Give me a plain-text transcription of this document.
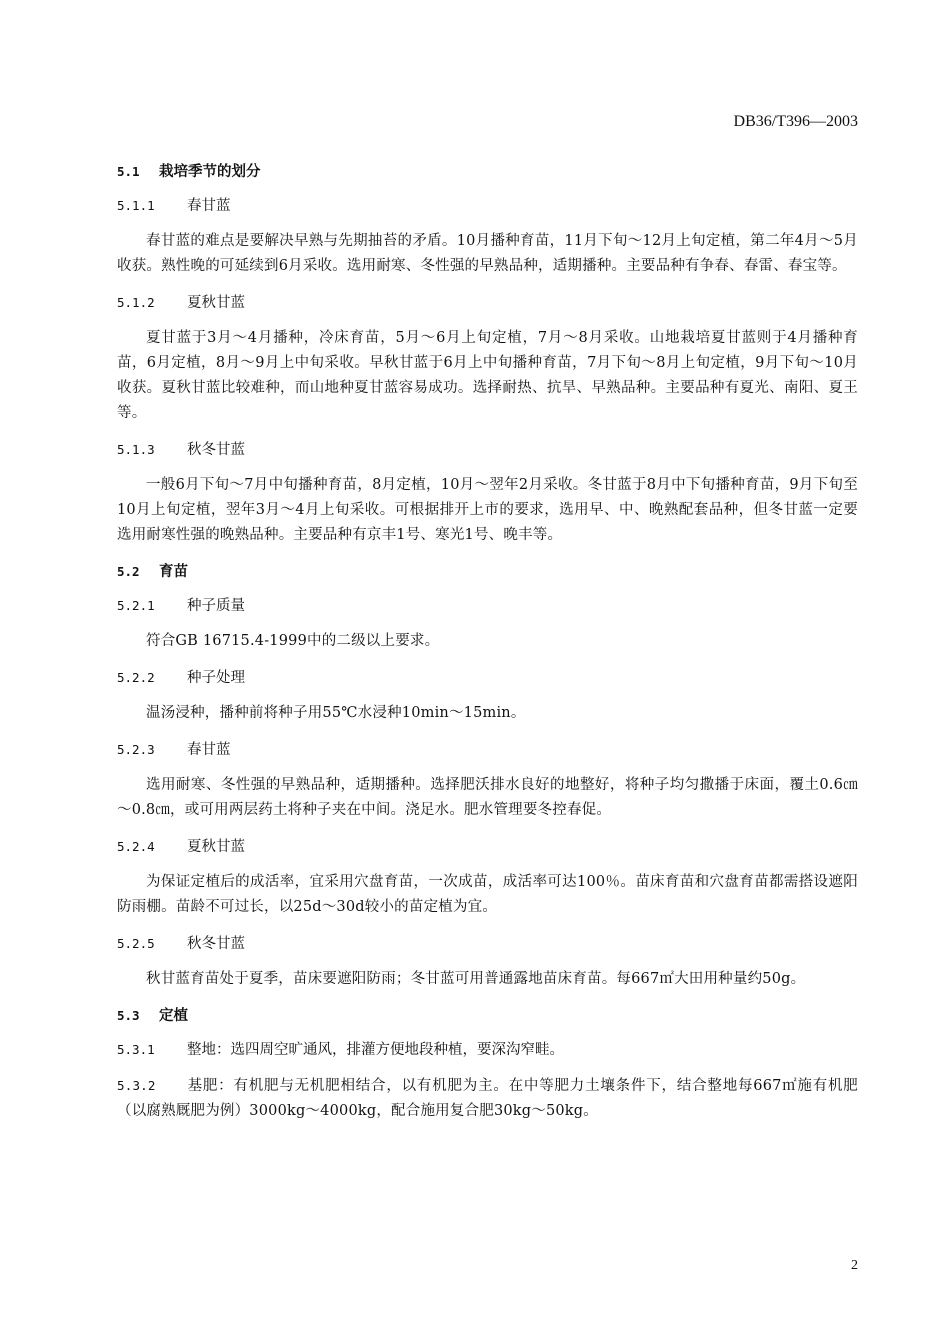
DB36/T396—2003
5.1 栽培季节的划分
5.1.1 春甘蓝

春甘蓝的难点是要解决早熟与先期抽苔的矛盾。10月播种育苗，11月下旬～12月上旬定植，第二年4月～5月收获。熟性晚的可延续到6月采收。选用耐寒、冬性强的早熟品种，适期播种。主要品种有争春、春雷、春宝等。

5.1.2 夏秋甘蓝

夏甘蓝于3月～4月播种，冷床育苗，5月～6月上旬定植，7月～8月采收。山地栽培夏甘蓝则于4月播种育苗，6月定植，8月～9月上中旬采收。早秋甘蓝于6月上中旬播种育苗，7月下旬～8月上旬定植，9月下旬～10月收获。夏秋甘蓝比较难种，而山地种夏甘蓝容易成功。选择耐热、抗旱、早熟品种。主要品种有夏光、南阳、夏王等。

5.1.3 秋冬甘蓝

一般6月下旬～7月中旬播种育苗，8月定植，10月～翌年2月采收。冬甘蓝于8月中下旬播种育苗，9月下旬至10月上旬定植，翌年3月～4月上旬采收。可根据排开上市的要求，选用早、中、晚熟配套品种，但冬甘蓝一定要选用耐寒性强的晚熟品种。主要品种有京丰1号、寒光1号、晚丰等。

5.2 育苗
5.2.1 种子质量

符合GB 16715.4-1999中的二级以上要求。

5.2.2 种子处理

温汤浸种，播种前将种子用55℃水浸种10min～15min。

5.2.3 春甘蓝

选用耐寒、冬性强的早熟品种，适期播种。选择肥沃排水良好的地整好，将种子均匀撒播于床面，覆土0.6㎝～0.8㎝，或可用两层药土将种子夹在中间。浇足水。肥水管理要冬控春促。

5.2.4 夏秋甘蓝

为保证定植后的成活率，宜采用穴盘育苗，一次成苗，成活率可达100％。苗床育苗和穴盘育苗都需搭设遮阳防雨棚。苗龄不可过长，以25d～30d较小的苗定植为宜。

5.2.5 秋冬甘蓝

秋甘蓝育苗处于夏季，苗床要遮阳防雨；冬甘蓝可用普通露地苗床育苗。每667㎡大田用种量约50g。

5.3 定植
5.3.1 整地：选四周空旷通风，排灌方便地段种植，要深沟窄畦。
5.3.2 基肥：有机肥与无机肥相结合，以有机肥为主。在中等肥力土壤条件下，结合整地每667㎡施有机肥（以腐熟厩肥为例）3000kg～4000kg，配合施用复合肥30kg～50kg。
2
